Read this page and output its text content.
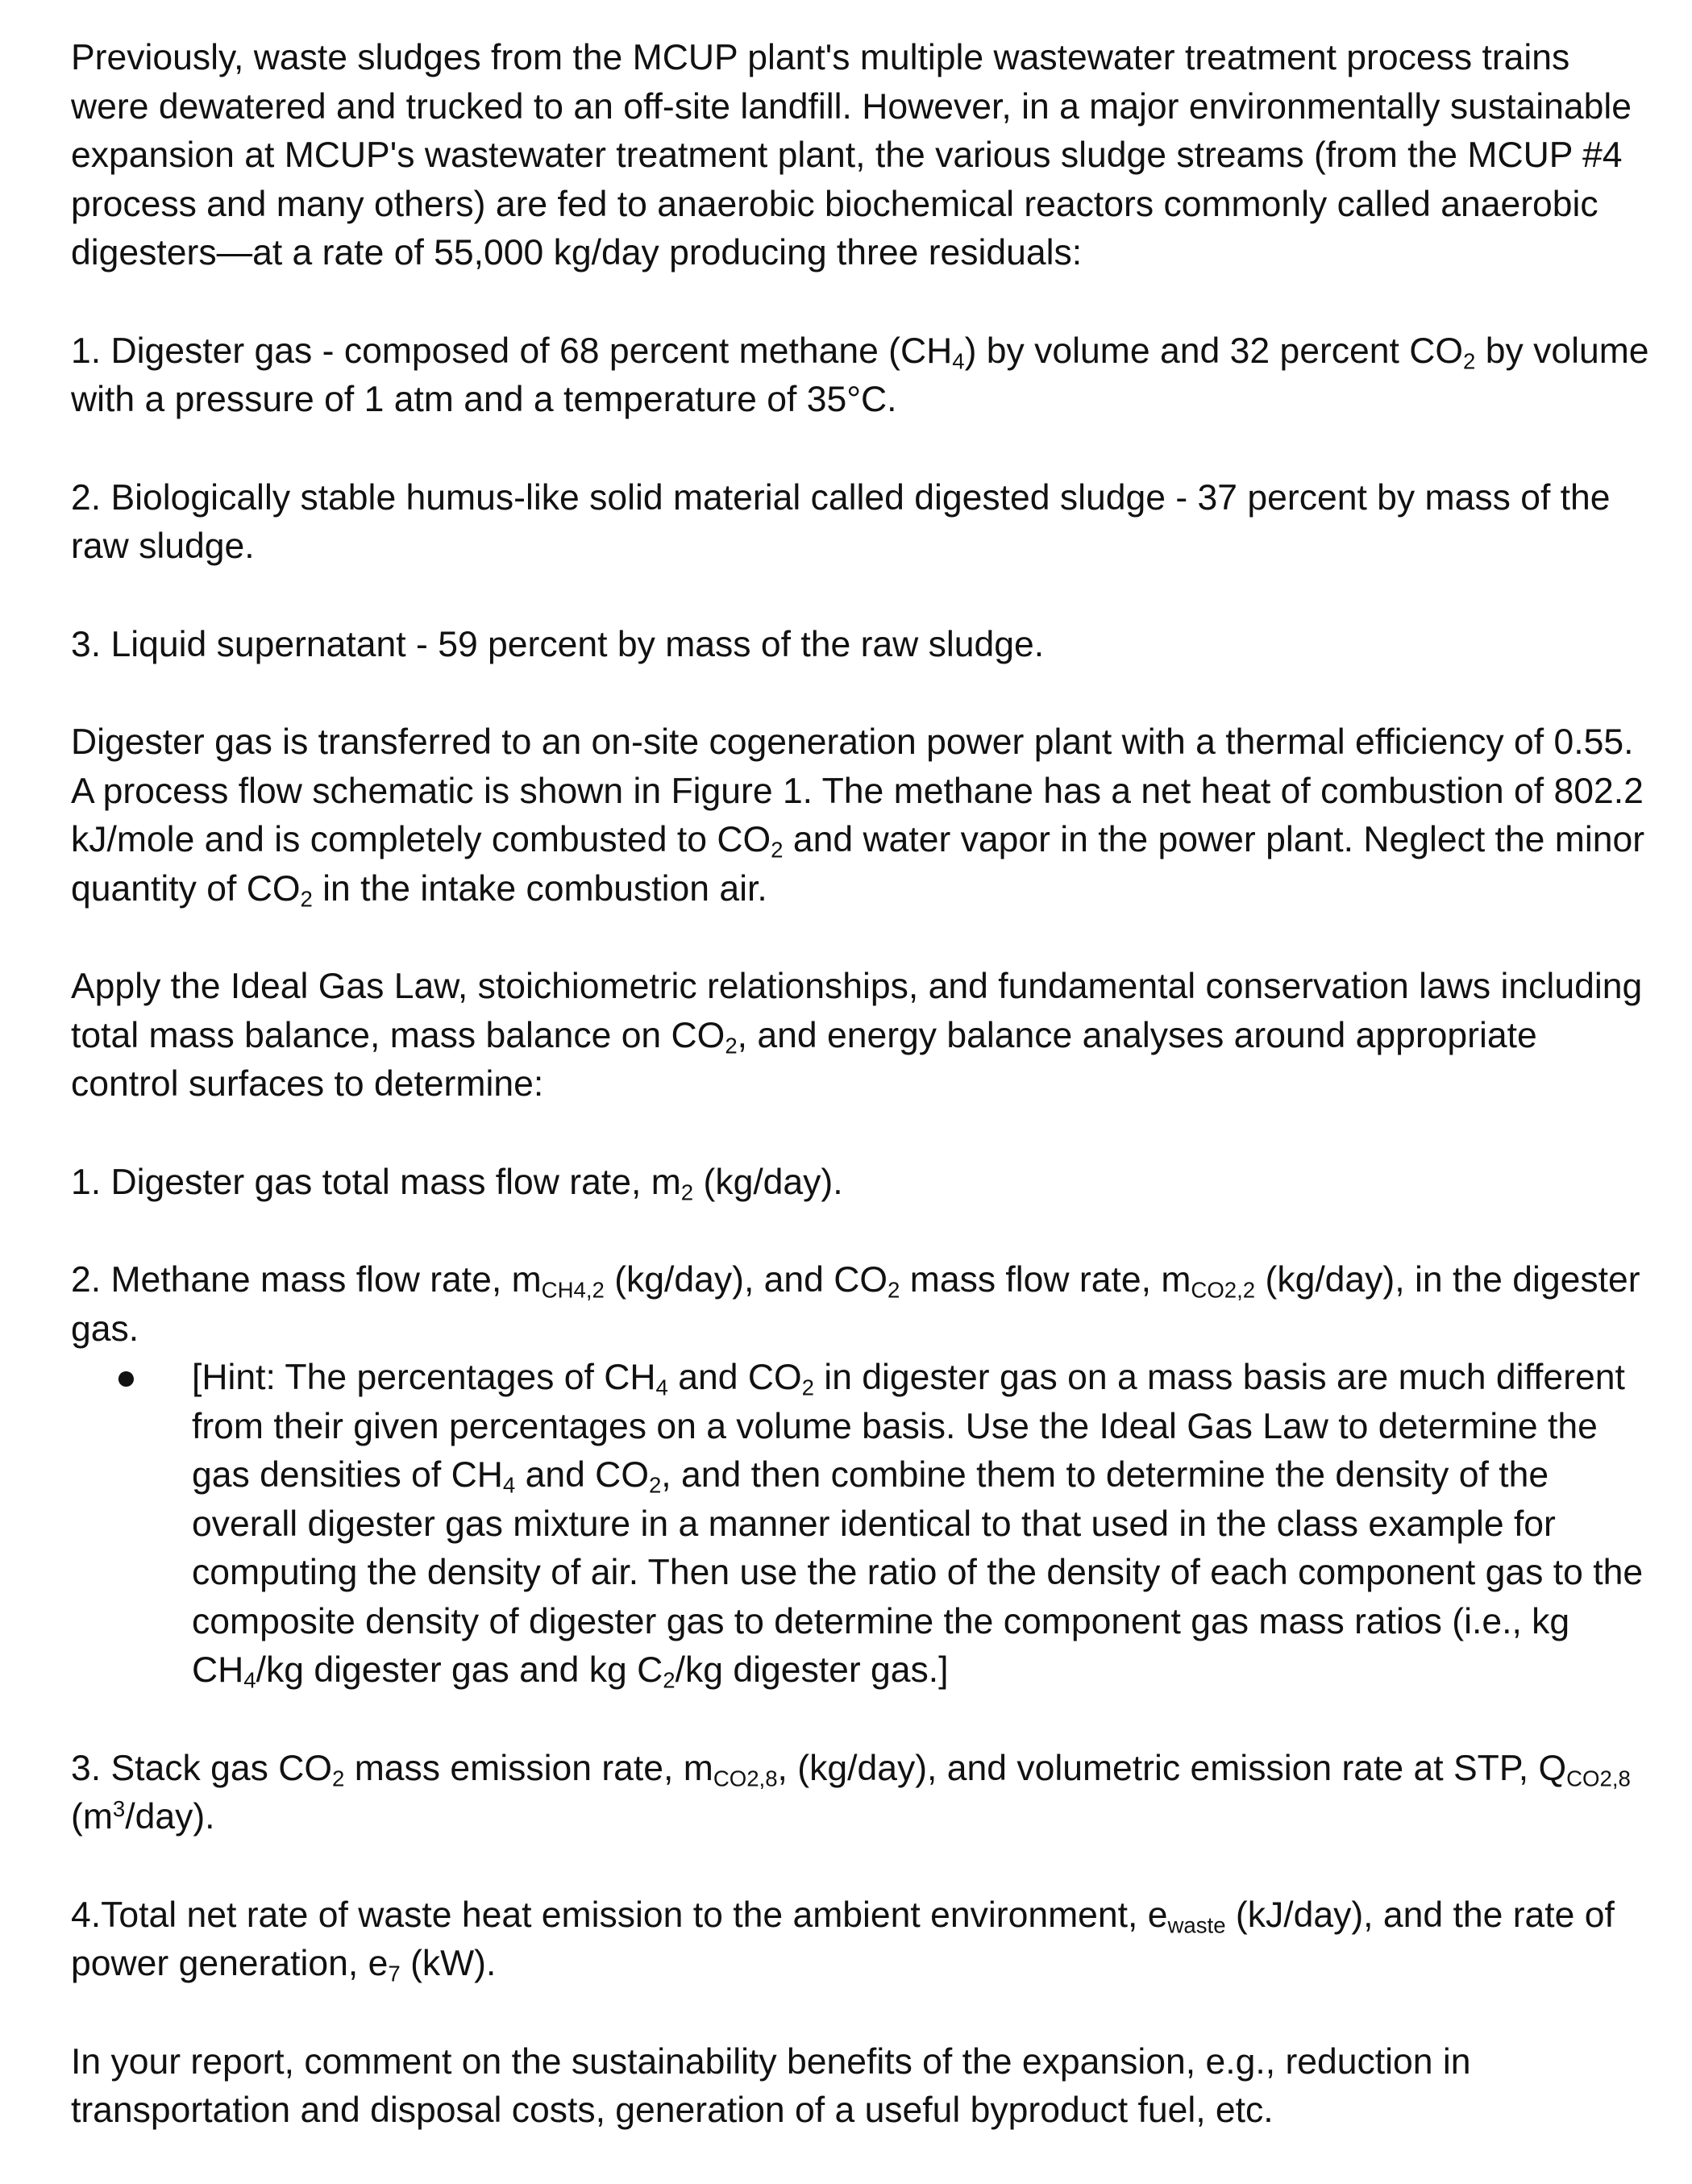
Previously, waste sludges from the MCUP plant's multiple wastewater treatment process trains were dewatered and trucked to an off-site landfill. However, in a major environmentally sustainable expansion at MCUP's wastewater treatment plant, the various sludge streams (from the MCUP #4 process and many others) are fed to anaerobic biochemical reactors commonly called anaerobic digesters—at a rate of 55,000 kg/day producing three residuals:

1. Digester gas - composed of 68 percent methane $(CH_4)$ by volume and 32 percent $CO_2$ by volume with a pressure of 1 atm and a temperature of 35°C.

2. Biologically stable humus-like solid material called digested sludge - 37 percent by mass of the raw sludge.

3. Liquid supernatant - 59 percent by mass of the raw sludge.

Digester gas is transferred to an on-site cogeneration power plant with a thermal efficiency of 0.55. A process flow schematic is shown in Figure 1. The methane has a net heat of combustion of 802.2 kJ/mole and is completely combusted to $CO_2$ and water vapor in the power plant. Neglect the minor quantity of $CO_2$ in the intake combustion air.

Apply the Ideal Gas Law, stoichiometric relationships, and fundamental conservation laws including total mass balance, mass balance on $CO_2$, and energy balance analyses around appropriate control surfaces to determine:

1. Digester gas total mass flow rate, $m_2$ (kg/day).

2. Methane mass flow rate, $m_{CH4,2}$ (kg/day), and $CO_2$ mass flow rate, $m_{CO2,2}$ (kg/day), in the digester gas.

● [Hint: The percentages of $CH_4$ and $CO_2$ in digester gas on a mass basis are much different from their given percentages on a volume basis. Use the Ideal Gas Law to determine the gas densities of $CH_4$ and $CO_2$, and then combine them to determine the density of the overall digester gas mixture in a manner identical to that used in the class example for computing the density of air. Then use the ratio of the density of each component gas to the composite density of digester gas to determine the component gas mass ratios (i.e., kg $CH_4/kg$ digester gas and kg $C_2/kg$ digester gas.]

3. Stack gas $CO_2$ mass emission rate, $m_{CO2,8}$, (kg/day), and volumetric emission rate at STP, $Q_{CO2,8}$ $(m^3/day)$.

4.Total net rate of waste heat emission to the ambient environment, $e_{waste}$ (kJ/day), and the rate of power generation, $e_7$ (kW).

In your report, comment on the sustainability benefits of the expansion, e.g., reduction in transportation and disposal costs, generation of a useful byproduct fuel, etc.
